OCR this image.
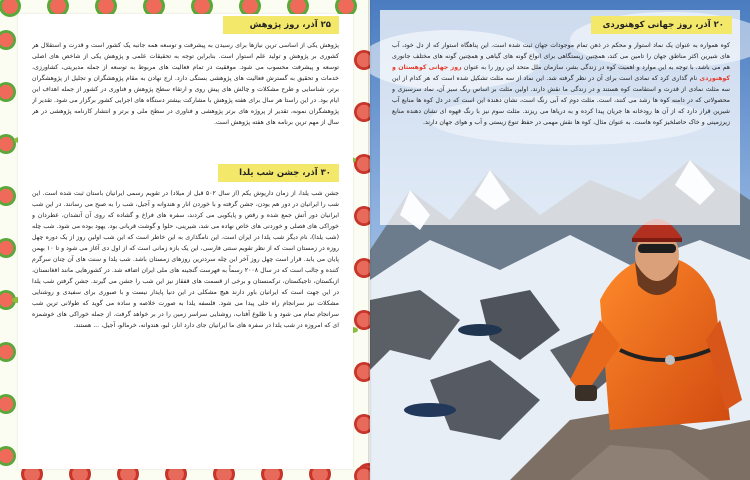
۲۵ آذر، روز پژوهش
پژوهش یکی از اساسی ترین نیازها برای رسیدن به پیشرفت و توسعه همه جانبه یک کشور است و قدرت و استقلال هر کشوری بر پژوهش و تولید علم استوار است. بنابراین توجه به تحقیقات علمی و پژوهش یکی از شاخص های اصلی توسعه و پیشرفت محسوب می شود. موفقیت در تمام فعالیت های مربوط به توسعه از جمله مدیریتی، کشاورزی، خدمات و تحقیق به گسترش فعالیت های پژوهشی بستگی دارد. ارج نهادن به مقام پژوهشگران و تجلیل از پژوهشگران برتر، شناسایی و طرح مشکلات و چالش های پیش روی و ارتقاء سطح پژوهش و فناوری در کشور از جمله اهداف این ایام بود. در این راستا هر سال برای هفته پژوهش با مشارکت بیشتر دستگاه های اجرایی کشور برگزار می شود. تقدیر از پژوهشگران نمونه، تقدیر از پروژه های برتر پژوهشی و فناوری در سطح ملی و برتر و انتشار کارنامه پژوهشی در هر سال از مهم ترین برنامه های هفته پژوهش است.
۳۰ آذر، جشن شب یلدا
جشن شب یلدا، از زمان داریوش یکم (از سال ۵۰۲ قبل از میلاد) در تقویم رسمی ایرانیان باستان ثبت شده است. این شب را ایرانیان در دور هم بودن، جشن گرفته و با خوردن انار و هندوانه و آجیل، شب را به صبح می رسانند. در این شب ایرانیان دور آتش جمع شده و رقص و پایکوبی می کردند، سفره های فراخ و گشاده که روی آن آتشدان، عطردان و خوراکی های فصلی و خوردنی های خاص نهاده می شد، شیرینی، حلوا و گوشت قربانی بود. یهود بوده می شود. شب چله (شب یلدا)، نام دیگر شب یلدا در ایران است. این نامگذاری به این خاطر است که این شب اولین روز از یک دوره چهل روزه در زمستان است که از نظر تقویم سنتی فارسی، این یک بازه زمانی است که از اول دی آغاز می شود و تا ۱۰ بهمن پایان می یابد. قرار است چهل روز آخر این چله سردترین روزهای زمستان باشد. شب یلدا و سنت های آن چنان سرگرم کننده و جالب است که در سال ۲۰۰۸ رسماً به فهرست گنجینه های ملی ایران اضافه شد. در کشورهایی مانند افغانستان، ازبکستان، تاجیکستان، ترکمنستان و برخی از قسمت های قفقاز نیز این شب را جشن می گیرند. جشن گرفتن شب یلدا در این جهت است که ایرانیان باور دارند هیچ مشکلی در این دنیا پایدار نیست و با صبوری برای سفیدی و روشنایی مشکلات نیز سرانجام راه حلی پیدا می شود. فلسفه یلدا به صورت خلاصه و ساده می گوید که طولانی ترین شب سرانجام تمام می شود و با طلوع آفتاب، روشنایی سراسر زمین را در بر خواهد گرفت. از جمله خوراکی های خوشمزه ای که امروزه در شب یلدا در سفره های ما ایرانیان جای دارد انار، لبو، هندوانه، خرمالو، آجیل، ... هستند.
۲۰ آذر، روز جهانی کوهنوردی
کوه همواره به عنوان یک نماد استوار و محکم در ذهن تمام موجودات جهان ثبت شده است. این پناهگاه استوار که از دل خود، آب های شیرین اکثر مناطق جهان را تامین می کند، همچنین زیستگاهی برای انواع گونه های گیاهی و همچنین گونه های مختلف جانوری هم می باشد. با توجه به این موارد و اهمیت کوه در زندگی بشر، سازمان ملل متحد این روز را به عنوان روز جهانی کوهستان و کوهنوردی نام گذاری کرد که نمادی است برای آن در نظر گرفته شد. این نماد از سه مثلث تشکیل شده است که هر کدام از این سه مثلث نمادی از قدرت و استقامت کوه هستند و در زندگی ما نقش دارند. اولین مثلث بر اساس رنگ سبز آن، نماد سرسبزی و محصولاتی که در دامنه کوه ها رشد می کنند، است. مثلث دوم که آبی رنگ است، نشان دهنده این است که در دل کوه ها منابع آب شیرین قرار دارد که از آن ها رودخانه ها جریان پیدا کرده و به دریاها می ریزند. مثلث سوم نیز با رنگ قهوه ای نشان دهنده منابع زیرزمینی و خاک حاصلخیز کوه هاست. به عنوان مثال، کوه ها نقش مهمی در حفظ تنوع زیستی و آب و هوای جهان دارند.
